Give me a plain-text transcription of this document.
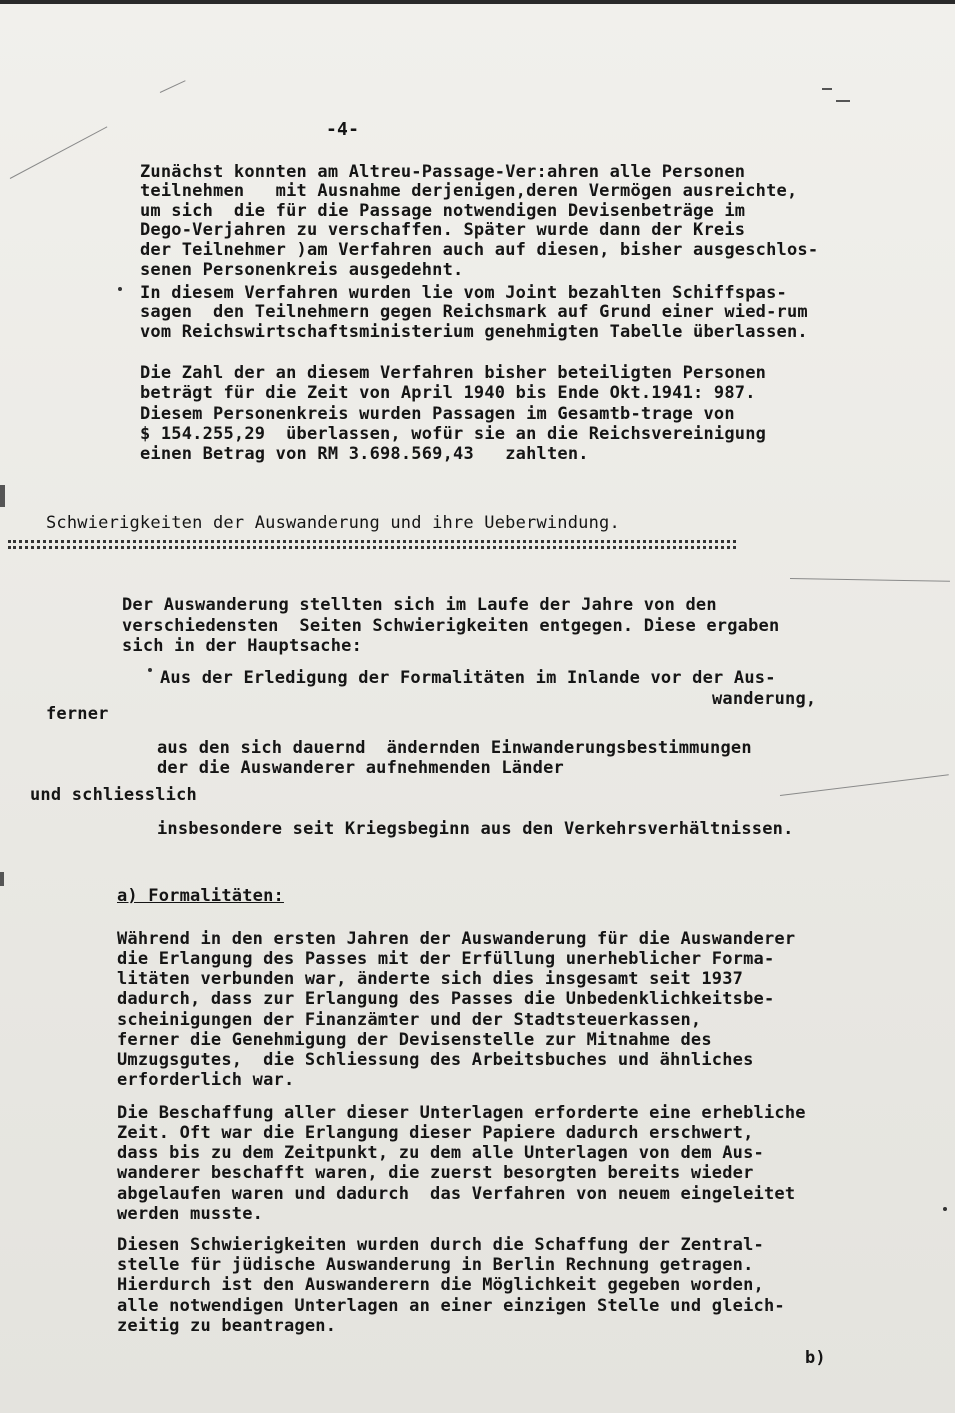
-4-
Zunächst konnten am Altreu-Passage-Ver:ahren alle Personen
teilnehmen   mit Ausnahme derjenigen,deren Vermögen ausreichte,
um sich  die für die Passage notwendigen Devisenbeträge im
Dego-Verjahren zu verschaffen. Später wurde dann der Kreis
der Teilnehmer )am Verfahren auch auf diesen, bisher ausgeschlos-
senen Personenkreis ausgedehnt.
In diesem Verfahren wurden lie vom Joint bezahlten Schiffspas-
sagen  den Teilnehmern gegen Reichsmark auf Grund einer wied-rum
vom Reichswirtschaftsministerium genehmigten Tabelle überlassen.
Die Zahl der an diesem Verfahren bisher beteiligten Personen
beträgt für die Zeit von April 1940 bis Ende Okt.1941: 987.
Diesem Personenkreis wurden Passagen im Gesamtb-trage von
$ 154.255,29  überlassen, wofür sie an die Reichsvereinigung
einen Betrag von RM 3.698.569,43   zahlten.
Schwierigkeiten der Auswanderung und ihre Ueberwindung.
Der Auswanderung stellten sich im Laufe der Jahre von den
verschiedensten  Seiten Schwierigkeiten entgegen. Diese ergaben
sich in der Hauptsache:
Aus der Erledigung der Formalitäten im Inlande vor der Aus-
wanderung,
ferner
aus den sich dauernd  ändernden Einwanderungsbestimmungen
der die Auswanderer aufnehmenden Länder
und schliesslich
insbesondere seit Kriegsbeginn aus den Verkehrsverhältnissen.
a) Formalitäten:
Während in den ersten Jahren der Auswanderung für die Auswanderer
die Erlangung des Passes mit der Erfüllung unerheblicher Forma-
litäten verbunden war, änderte sich dies insgesamt seit 1937
dadurch, dass zur Erlangung des Passes die Unbedenklichkeitsbe-
scheinigungen der Finanzämter und der Stadtsteuerkassen,
ferner die Genehmigung der Devisenstelle zur Mitnahme des
Umzugsgutes,  die Schliessung des Arbeitsbuches und ähnliches
erforderlich war.
Die Beschaffung aller dieser Unterlagen erforderte eine erhebliche
Zeit. Oft war die Erlangung dieser Papiere dadurch erschwert,
dass bis zu dem Zeitpunkt, zu dem alle Unterlagen von dem Aus-
wanderer beschafft waren, die zuerst besorgten bereits wieder
abgelaufen waren und dadurch  das Verfahren von neuem eingeleitet
werden musste.
Diesen Schwierigkeiten wurden durch die Schaffung der Zentral-
stelle für jüdische Auswanderung in Berlin Rechnung getragen.
Hierdurch ist den Auswanderern die Möglichkeit gegeben worden,
alle notwendigen Unterlagen an einer einzigen Stelle und gleich-
zeitig zu beantragen.
b)
